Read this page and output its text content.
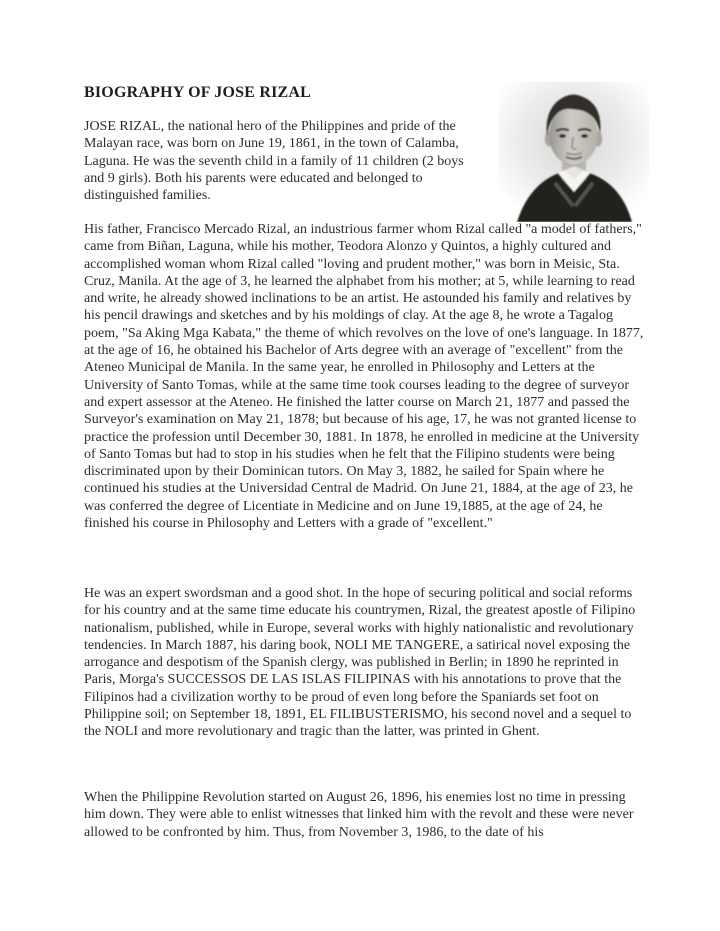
BIOGRAPHY OF JOSE RIZAL

JOSE RIZAL, the national hero of the Philippines and pride of the Malayan race, was born on June 19, 1861, in the town of Calamba, Laguna. He was the seventh child in a family of 11 children (2 boys and 9 girls). Both his parents were educated and belonged to distinguished families.

His father, Francisco Mercado Rizal, an industrious farmer whom Rizal called "a model of fathers," came from Biñan, Laguna, while his mother, Teodora Alonzo y Quintos, a highly cultured and accomplished woman whom Rizal called "loving and prudent mother," was born in Meisic, Sta. Cruz, Manila. At the age of 3, he learned the alphabet from his mother; at 5, while learning to read and write, he already showed inclinations to be an artist. He astounded his family and relatives by his pencil drawings and sketches and by his moldings of clay. At the age 8, he wrote a Tagalog poem, "Sa Aking Mga Kabata," the theme of which revolves on the love of one's language. In 1877, at the age of 16, he obtained his Bachelor of Arts degree with an average of "excellent" from the Ateneo Municipal de Manila. In the same year, he enrolled in Philosophy and Letters at the University of Santo Tomas, while at the same time took courses leading to the degree of surveyor and expert assessor at the Ateneo. He finished the latter course on March 21, 1877 and passed the Surveyor's examination on May 21, 1878; but because of his age, 17, he was not granted license to practice the profession until December 30, 1881. In 1878, he enrolled in medicine at the University of Santo Tomas but had to stop in his studies when he felt that the Filipino students were being discriminated upon by their Dominican tutors. On May 3, 1882, he sailed for Spain where he continued his studies at the Universidad Central de Madrid. On June 21, 1884, at the age of 23, he was conferred the degree of Licentiate in Medicine and on June 19,1885, at the age of 24, he finished his course in Philosophy and Letters with a grade of "excellent."

He was an expert swordsman and a good shot. In the hope of securing political and social reforms for his country and at the same time educate his countrymen, Rizal, the greatest apostle of Filipino nationalism, published, while in Europe, several works with highly nationalistic and revolutionary tendencies. In March 1887, his daring book, NOLI ME TANGERE, a satirical novel exposing the arrogance and despotism of the Spanish clergy, was published in Berlin; in 1890 he reprinted in Paris, Morga's SUCCESSOS DE LAS ISLAS FILIPINAS with his annotations to prove that the Filipinos had a civilization worthy to be proud of even long before the Spaniards set foot on Philippine soil; on September 18, 1891, EL FILIBUSTERISMO, his second novel and a sequel to the NOLI and more revolutionary and tragic than the latter, was printed in Ghent.

When the Philippine Revolution started on August 26, 1896, his enemies lost no time in pressing him down. They were able to enlist witnesses that linked him with the revolt and these were never allowed to be confronted by him. Thus, from November 3, 1986, to the date of his
